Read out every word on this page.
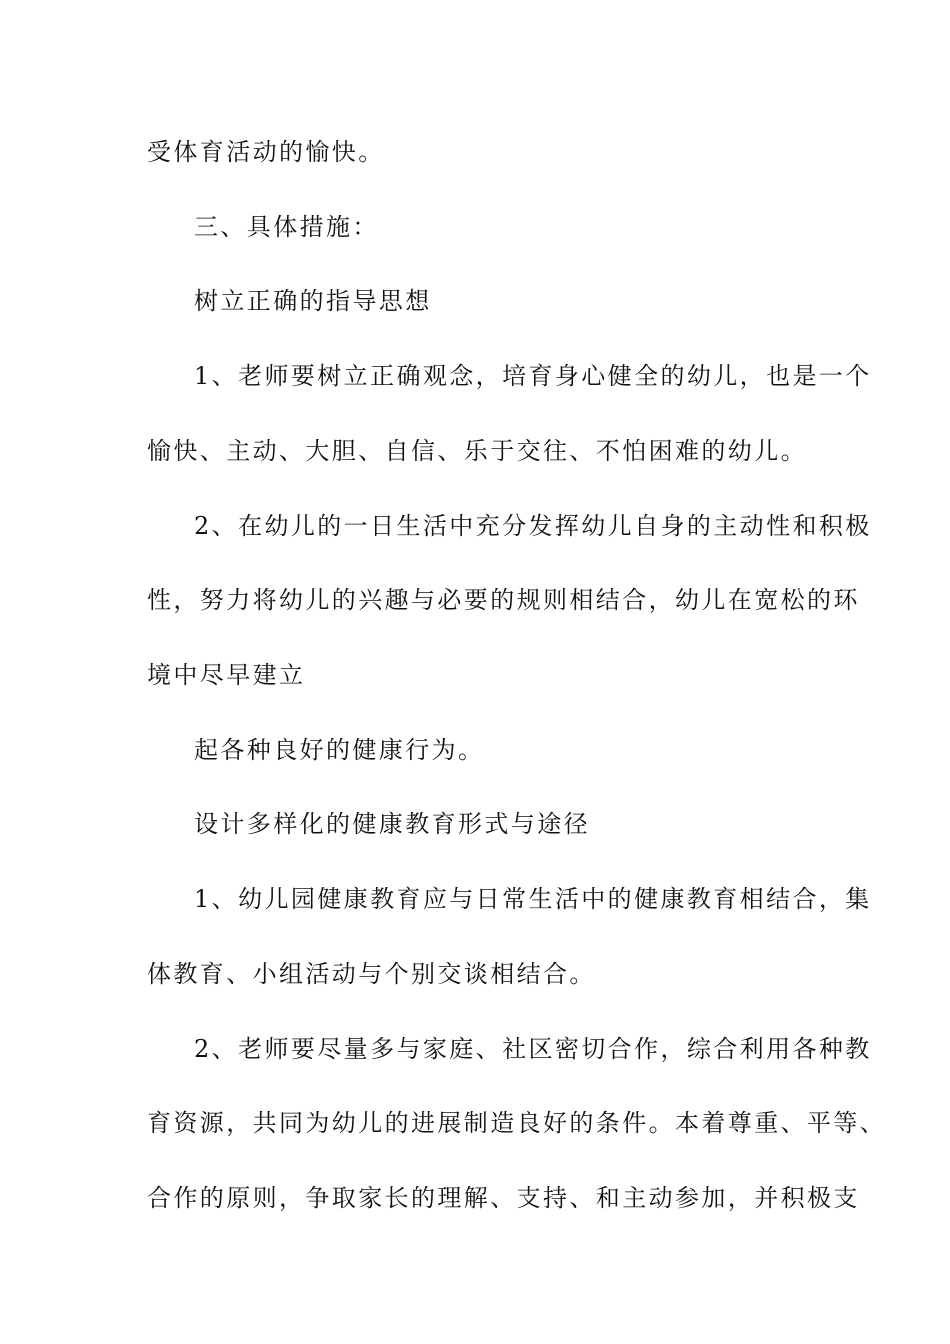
受体育活动的愉快。
三、具体措施：
树立正确的指导思想
1、老师要树立正确观念，培育身心健全的幼儿，也是一个
愉快、主动、大胆、自信、乐于交往、不怕困难的幼儿。
2、在幼儿的一日生活中充分发挥幼儿自身的主动性和积极
性，努力将幼儿的兴趣与必要的规则相结合，幼儿在宽松的环
境中尽早建立
起各种良好的健康行为。
设计多样化的健康教育形式与途径
1、幼儿园健康教育应与日常生活中的健康教育相结合，集
体教育、小组活动与个别交谈相结合。
2、老师要尽量多与家庭、社区密切合作，综合利用各种教
育资源，共同为幼儿的进展制造良好的条件。本着尊重、平等、
合作的原则，争取家长的理解、支持、和主动参加，并积极支
